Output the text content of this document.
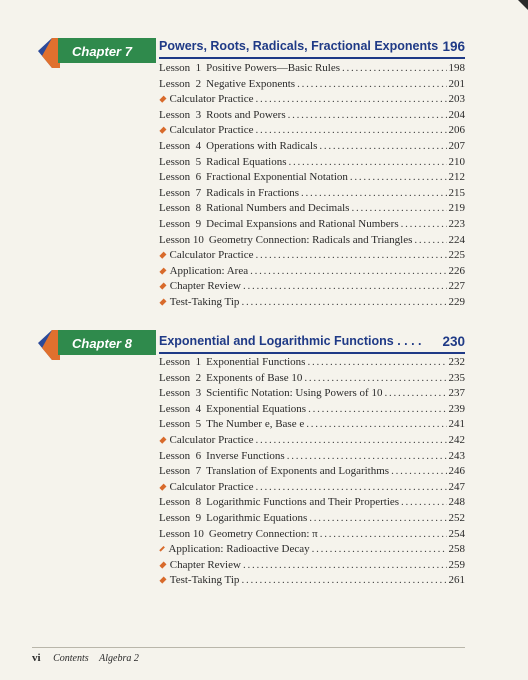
Chapter 7 Powers, Roots, Radicals, Fractional Exponents 196
Lesson  1 Positive Powers—Basic Rules . . .	198
Lesson  2 Negative Exponents . . .	201
Calculator Practice . . .	203
Lesson  3 Roots and Powers . . .	204
Calculator Practice . . .	206
Lesson  4 Operations with Radicals . . .	207
Lesson  5 Radical Equations . . .	210
Lesson  6 Fractional Exponential Notation . . .	212
Lesson  7 Radicals in Fractions . . .	215
Lesson  8 Rational Numbers and Decimals . . .	219
Lesson  9 Decimal Expansions and Rational Numbers . . .	223
Lesson 10 Geometry Connection: Radicals and Triangles . . .	224
Calculator Practice . . .	225
Application: Area . . .	226
Chapter Review . . .	227
Test-Taking Tip . . .	229
Chapter 8 Exponential and Logarithmic Functions . . . . 230
Lesson  1 Exponential Functions . . .	232
Lesson  2 Exponents of Base 10 . . .	235
Lesson  3 Scientific Notation: Using Powers of 10 . . .	237
Lesson  4 Exponential Equations . . .	239
Lesson  5 The Number e, Base e . . .	241
Calculator Practice . . .	242
Lesson  6 Inverse Functions . . .	243
Lesson  7 Translation of Exponents and Logarithms . . .	246
Calculator Practice . . .	247
Lesson  8 Logarithmic Functions and Their Properties . . .	248
Lesson  9 Logarithmic Equations . . .	252
Lesson 10 Geometry Connection: π . . .	254
Application: Radioactive Decay . . .	258
Chapter Review . . .	259
Test-Taking Tip . . .	261
vi Contents Algebra 2
